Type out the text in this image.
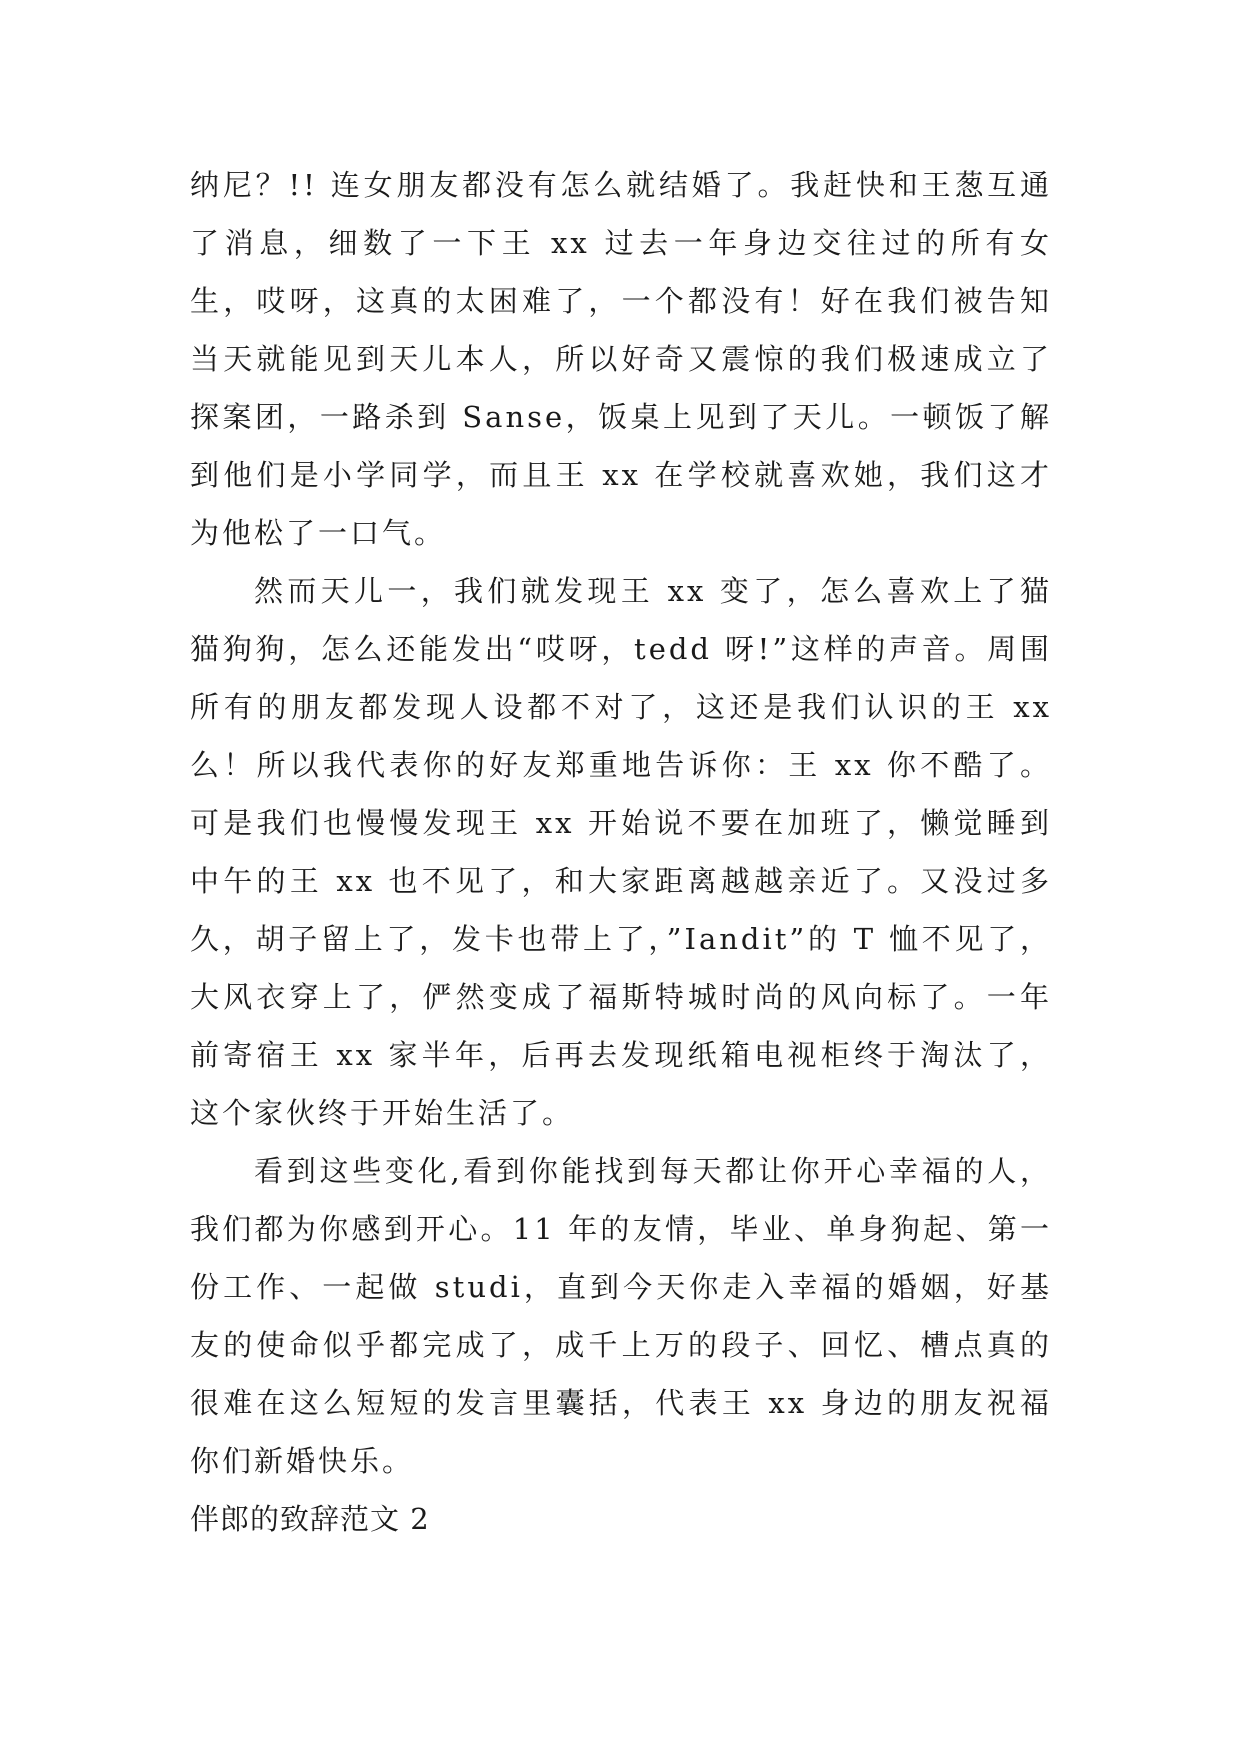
纳尼？!! 连女朋友都没有怎么就结婚了。我赶快和王葱互通了消息，细数了一下王 xx 过去一年身边交往过的所有女生，哎呀，这真的太困难了，一个都没有！好在我们被告知当天就能见到天儿本人，所以好奇又震惊的我们极速成立了探案团，一路杀到 Sanse，饭桌上见到了天儿。一顿饭了解到他们是小学同学，而且王 xx 在学校就喜欢她，我们这才为他松了一口气。

然而天儿一，我们就发现王 xx 变了，怎么喜欢上了猫猫狗狗，怎么还能发出“哎呀，tedd 呀!”这样的声音。周围所有的朋友都发现人设都不对了，这还是我们认识的王 xx 么！所以我代表你的好友郑重地告诉你：王 xx 你不酷了。可是我们也慢慢发现王 xx 开始说不要在加班了，懒觉睡到中午的王 xx 也不见了，和大家距离越越亲近了。又没过多久，胡子留上了，发卡也带上了，”Iandit”的 T 恤不见了，大风衣穿上了，俨然变成了福斯特城时尚的风向标了。一年前寄宿王 xx 家半年，后再去发现纸箱电视柜终于淘汰了，这个家伙终于开始生活了。

看到这些变化,看到你能找到每天都让你开心幸福的人，我们都为你感到开心。11 年的友情，毕业、单身狗起、第一份工作、一起做 studi，直到今天你走入幸福的婚姻，好基友的使命似乎都完成了，成千上万的段子、回忆、槽点真的很难在这么短短的发言里囊括，代表王 xx 身边的朋友祝福你们新婚快乐。

伴郎的致辞范文 2
